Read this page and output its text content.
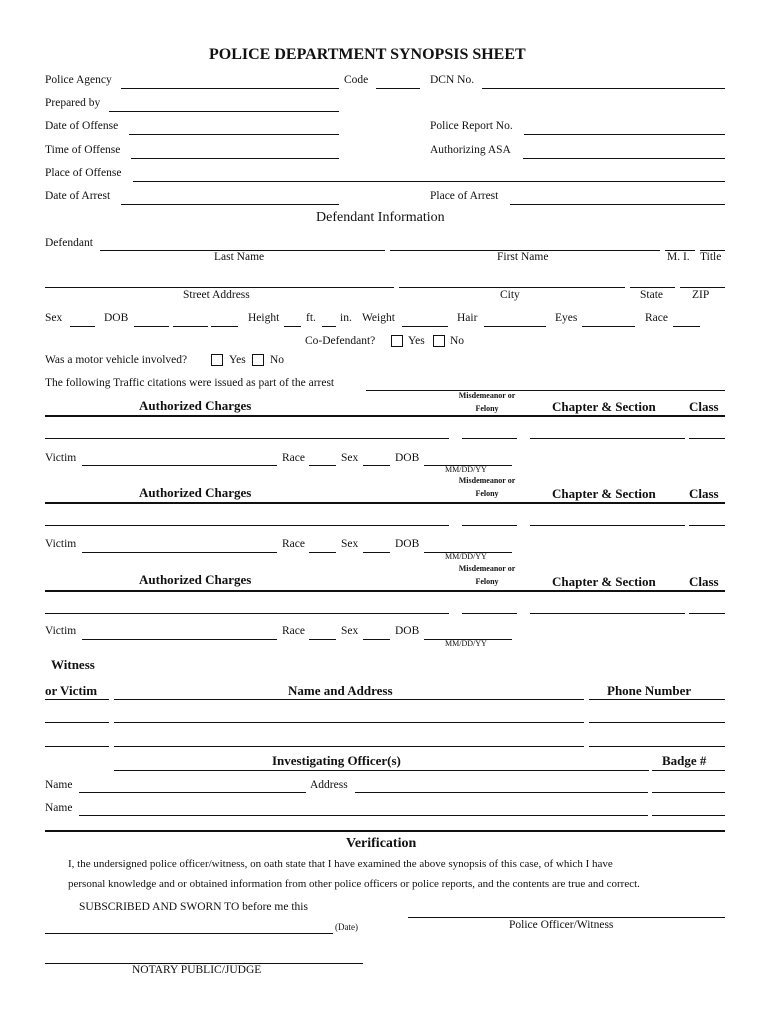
POLICE DEPARTMENT SYNOPSIS SHEET
Police Agency	Code	DCN No.
Prepared by
Date of Offense	Police Report No.
Time of Offense	Authorizing ASA
Place of Offense
Date of Arrest	Place of Arrest
Defendant Information
Defendant
Last Name	First Name	M. I. Title
Street Address	City	State	ZIP
Sex	DOB	Height ft. in. Weight	Hair	Eyes	Race
Co-Defendant?	Yes No
Was a motor vehicle involved?	Yes No
The following Traffic citations were issued as part of the arrest
Misdemeanor or
Felony
Authorized Charges	Chapter & Section	Class
Victim	Race	Sex	DOB
MM/DD/YY
Misdemeanor or
Felony
Authorized Charges	Chapter & Section	Class
Victim	Race	Sex	DOB
MM/DD/YY
Misdemeanor or
Felony
Authorized Charges	Chapter & Section	Class
Victim	Race	Sex	DOB
MM/DD/YY
Witness
or Victim	Name and Address	Phone Number
Investigating Officer(s)	Badge #
Name	Address
Name
Verification
I, the undersigned police officer/witness, on oath state that I have examined the above synopsis of this case, of which I have
personal knowledge and or obtained information from other police officers or police reports, and the contents are true and correct.
SUBSCRIBED AND SWORN TO before me this
Police Officer/Witness
(Date)
NOTARY PUBLIC/JUDGE
